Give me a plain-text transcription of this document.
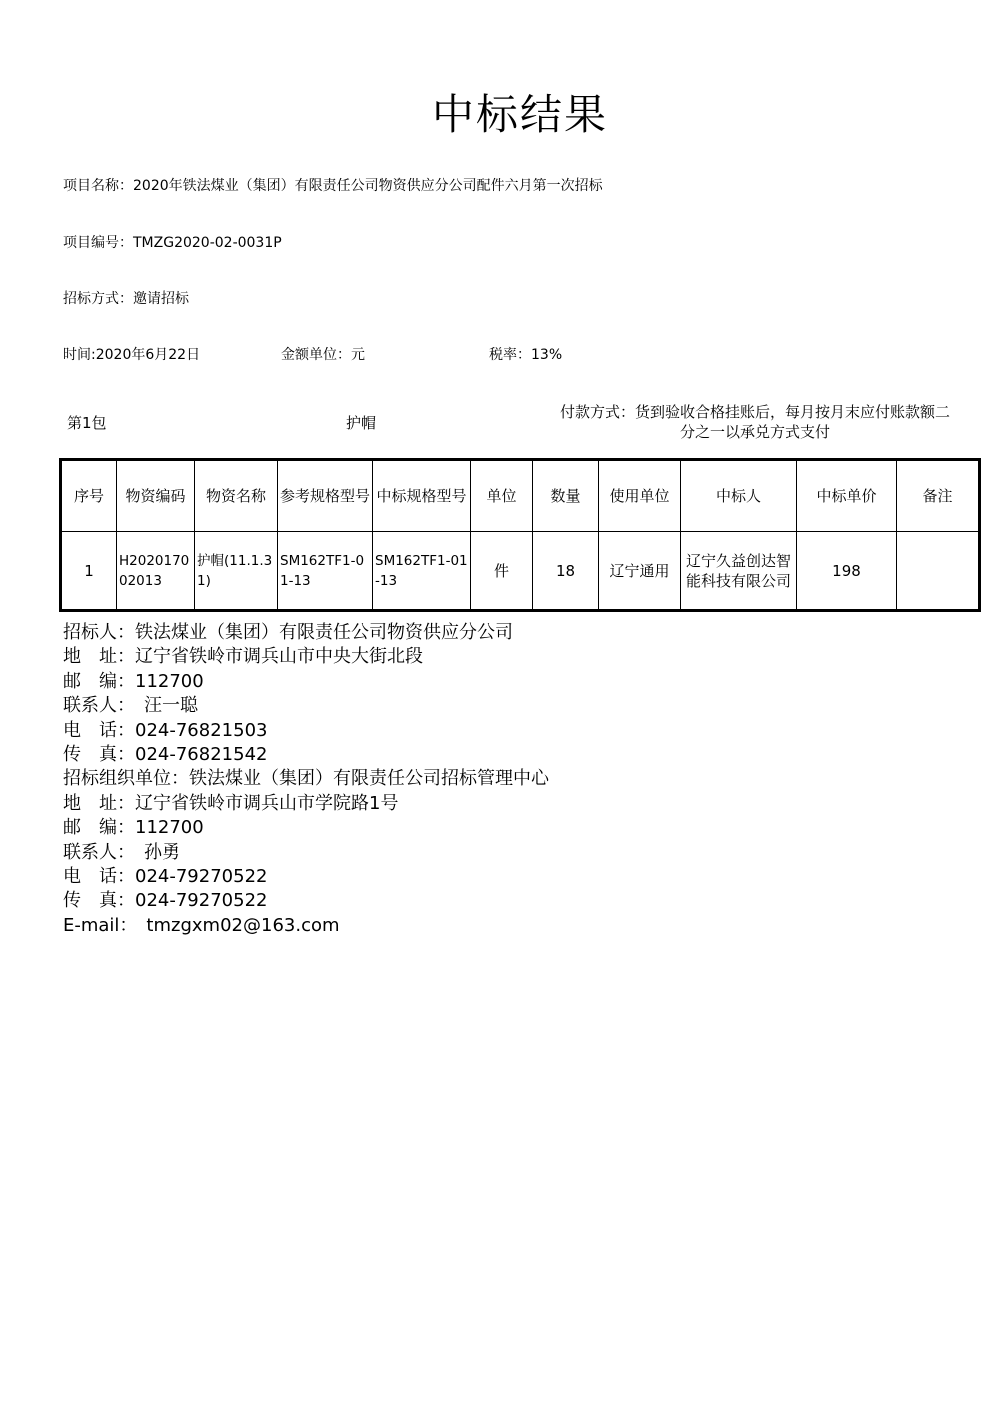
中标结果
项目名称：2020年铁法煤业（集团）有限责任公司物资供应分公司配件六月第一次招标
项目编号：TMZG2020-02-0031P
招标方式：邀请招标
时间:2020年6月22日	金额单位：元	税率：13%
第1包	护帽
付款方式：货到验收合格挂账后，每月按月末应付账款额二
分之一以承兑方式支付
序号	物资编码	物资名称	参考规格型号	中标规格型号	单位	数量	使用单位	中标人	中标单价	备注
1	H202017002013	护帽(11.1.31)	SM162TF1-01-13	SM162TF1-01-13	件	18	辽宁通用	辽宁久益创达智能科技有限公司	198	
招标人：铁法煤业（集团）有限责任公司物资供应分公司
地　址：辽宁省铁岭市调兵山市中央大街北段
邮　编：112700
联系人：　汪一聪
电　话：024-76821503
传　真：024-76821542
招标组织单位：铁法煤业（集团）有限责任公司招标管理中心
地　址：辽宁省铁岭市调兵山市学院路1号
邮　编：112700
联系人：　孙勇
电　话：024-79270522
传　真：024-79270522
E-mail：　tmzgxm02@163.com
